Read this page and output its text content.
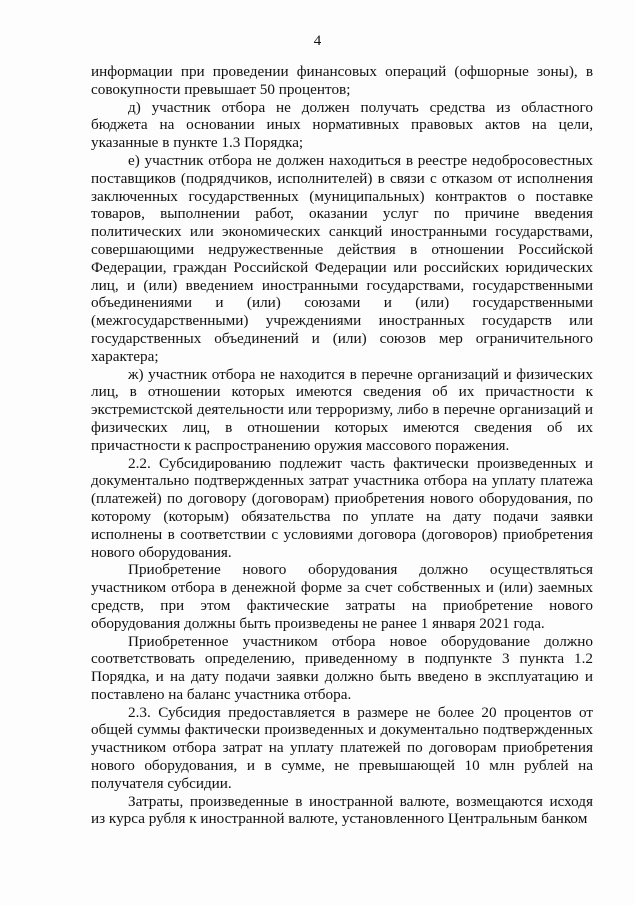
4

информации при проведении финансовых операций (офшорные зоны), в совокупности превышает 50 процентов;

д) участник отбора не должен получать средства из областного бюджета на основании иных нормативных правовых актов на цели, указанные в пункте 1.3 Порядка;

е) участник отбора не должен находиться в реестре недобросовестных поставщиков (подрядчиков, исполнителей) в связи с отказом от исполнения заключенных государственных (муниципальных) контрактов о поставке товаров, выполнении работ, оказании услуг по причине введения политических или экономических санкций иностранными государствами, совершающими недружественные действия в отношении Российской Федерации, граждан Российской Федерации или российских юридических лиц, и (или) введением иностранными государствами, государственными объединениями и (или) союзами и (или) государственными (межгосударственными) учреждениями иностранных государств или государственных объединений и (или) союзов мер ограничительного характера;

ж) участник отбора не находится в перечне организаций и физических лиц, в отношении которых имеются сведения об их причастности к экстремистской деятельности или терроризму, либо в перечне организаций и физических лиц, в отношении которых имеются сведения об их причастности к распространению оружия массового поражения.

2.2. Субсидированию подлежит часть фактически произведенных и документально подтвержденных затрат участника отбора на уплату платежа (платежей) по договору (договорам) приобретения нового оборудования, по которому (которым) обязательства по уплате на дату подачи заявки исполнены в соответствии с условиями договора (договоров) приобретения нового оборудования.

Приобретение нового оборудования должно осуществляться участником отбора в денежной форме за счет собственных и (или) заемных средств, при этом фактические затраты на приобретение нового оборудования должны быть произведены не ранее 1 января 2021 года.

Приобретенное участником отбора новое оборудование должно соответствовать определению, приведенному в подпункте 3 пункта 1.2 Порядка, и на дату подачи заявки должно быть введено в эксплуатацию и поставлено на баланс участника отбора.

2.3. Субсидия предоставляется в размере не более 20 процентов от общей суммы фактически произведенных и документально подтвержденных участником отбора затрат на уплату платежей по договорам приобретения нового оборудования, и в сумме, не превышающей 10 млн рублей на получателя субсидии.

Затраты, произведенные в иностранной валюте, возмещаются исходя из курса рубля к иностранной валюте, установленного Центральным банком
